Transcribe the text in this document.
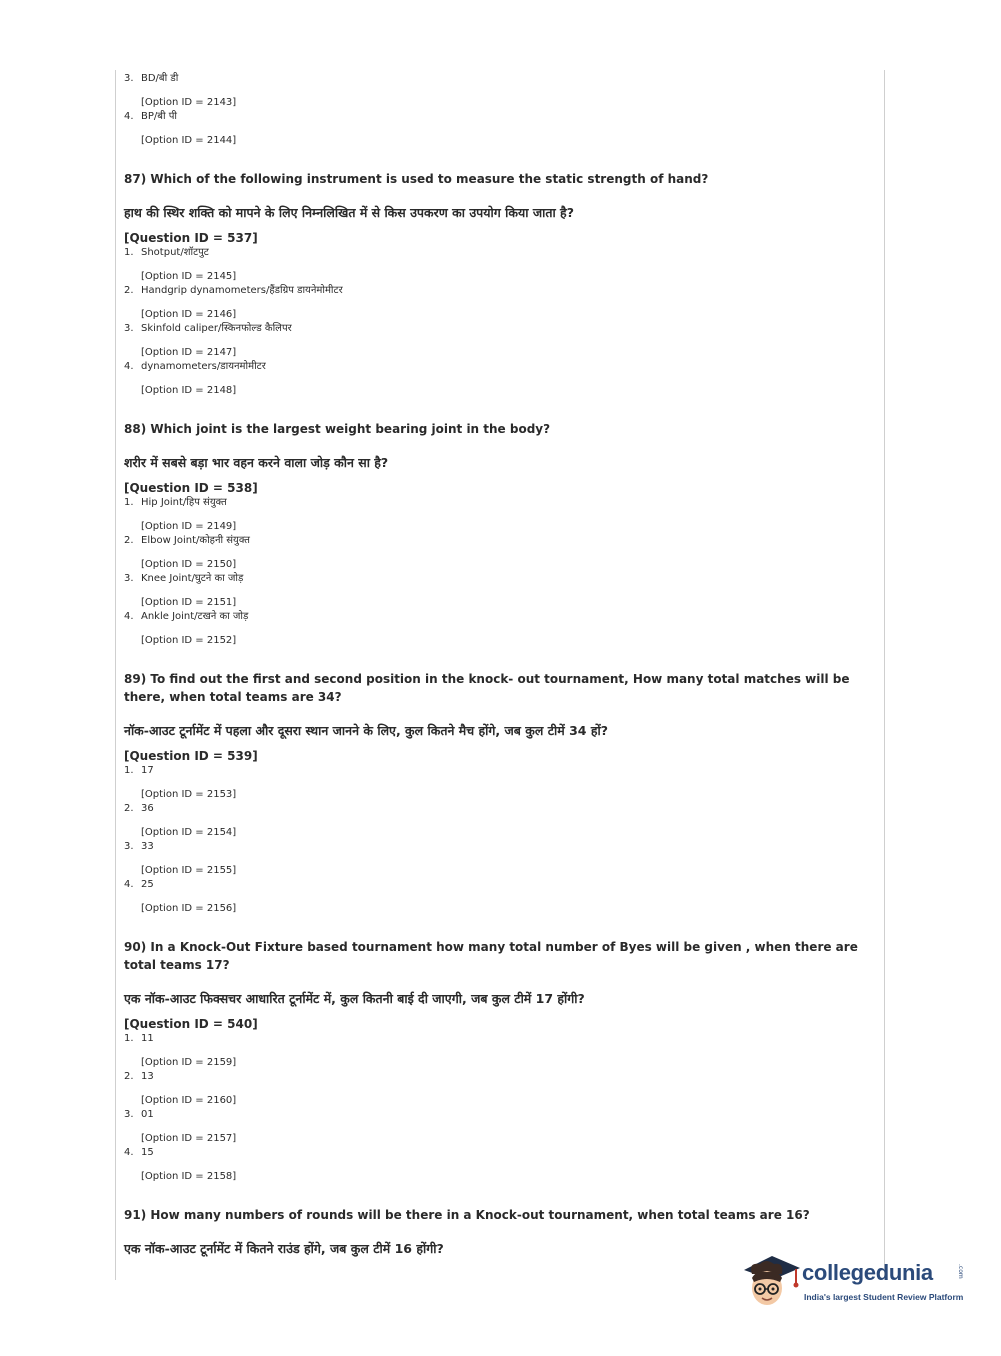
3. BD/बी डी
[Option ID = 2143]
4. BP/बी पी
[Option ID = 2144]
87) Which of the following instrument is used to measure the static strength of hand?
हाथ की स्थिर शक्ति को मापने के लिए निम्नलिखित में से किस उपकरण का उपयोग किया जाता है?
[Question ID = 537]
1. Shotput/शॉटपुट
[Option ID = 2145]
2. Handgrip dynamometers/हैंडग्रिप डायनेमोमीटर
[Option ID = 2146]
3. Skinfold caliper/स्किनफोल्ड कैलिपर
[Option ID = 2147]
4. dynamometers/डायनमोमीटर
[Option ID = 2148]
88) Which joint is the largest weight bearing joint in the body?
शरीर में सबसे बड़ा भार वहन करने वाला जोड़ कौन सा है?
[Question ID = 538]
1. Hip Joint/हिप संयुक्त
[Option ID = 2149]
2. Elbow Joint/कोहनी संयुक्त
[Option ID = 2150]
3. Knee Joint/घुटने का जोड़
[Option ID = 2151]
4. Ankle Joint/टखने का जोड़
[Option ID = 2152]
89) To find out the first and second position in the knock- out tournament, How many total matches will be there, when total teams are 34?
नॉक-आउट टूर्नामेंट में पहला और दूसरा स्थान जानने के लिए, कुल कितने मैच होंगे, जब कुल टीमें 34 हों?
[Question ID = 539]
1. 17
[Option ID = 2153]
2. 36
[Option ID = 2154]
3. 33
[Option ID = 2155]
4. 25
[Option ID = 2156]
90) In a Knock-Out Fixture based tournament how many total number of Byes will be given , when there are total teams 17?
एक नॉक-आउट फिक्सचर आधारित टूर्नामेंट में, कुल कितनी बाई दी जाएगी, जब कुल टीमें 17 होंगी?
[Question ID = 540]
1. 11
[Option ID = 2159]
2. 13
[Option ID = 2160]
3. 01
[Option ID = 2157]
4. 15
[Option ID = 2158]
91) How many numbers of rounds will be there in a Knock-out tournament, when total teams are 16?
एक नॉक-आउट टूर्नामेंट में कितने राउंड होंगे, जब कुल टीमें 16 होंगी?
collegedunia	.com
India's largest Student Review Platform
